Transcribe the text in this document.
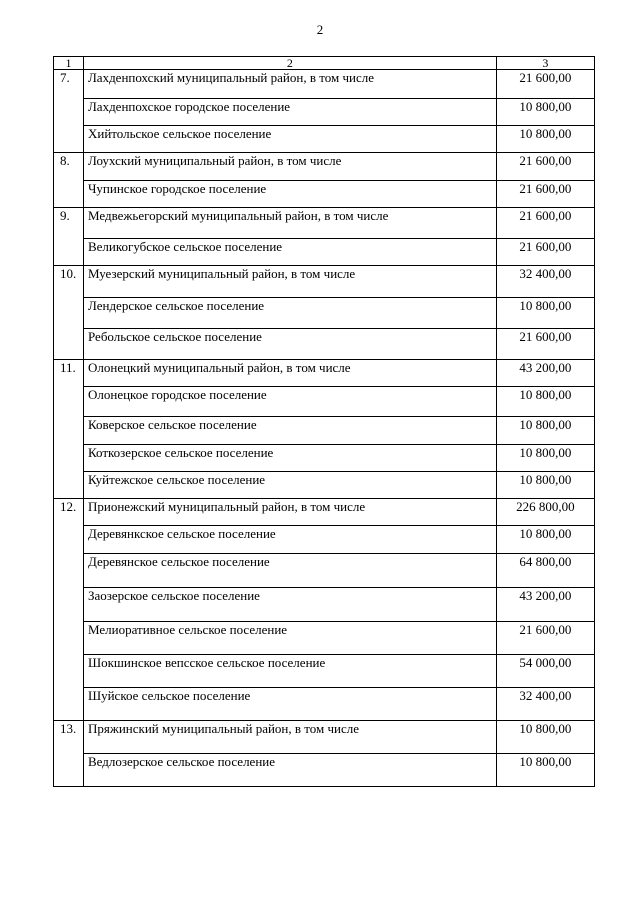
2
1	2	3
7.	Лахденпохский муниципальный район, в том числе	21 600,00
	Лахденпохское городское поселение	10 800,00
	Хийтольское сельское поселение	10 800,00
8.	Лоухский муниципальный район, в том числе	21 600,00
	Чупинское городское поселение	21 600,00
9.	Медвежьегорский муниципальный район, в том числе	21 600,00
	Великогубское сельское поселение	21 600,00
10.	Муезерский муниципальный район, в том числе	32 400,00
	Лендерское сельское поселение	10 800,00
	Ребольское сельское поселение	21 600,00
11.	Олонецкий муниципальный район, в том числе	43 200,00
	Олонецкое городское поселение	10 800,00
	Коверское сельское поселение	10 800,00
	Коткозерское сельское поселение	10 800,00
	Куйтежское сельское поселение	10 800,00
12.	Прионежский муниципальный район, в том числе	226 800,00
	Деревянкское сельское поселение	10 800,00
	Деревянское сельское поселение	64 800,00
	Заозерское сельское поселение	43 200,00
	Мелиоративное сельское поселение	21 600,00
	Шокшинское вепсское сельское поселение	54 000,00
	Шуйское сельское поселение	32 400,00
13.	Пряжинский муниципальный район, в том числе	10 800,00
	Ведлозерское сельское поселение	10 800,00
